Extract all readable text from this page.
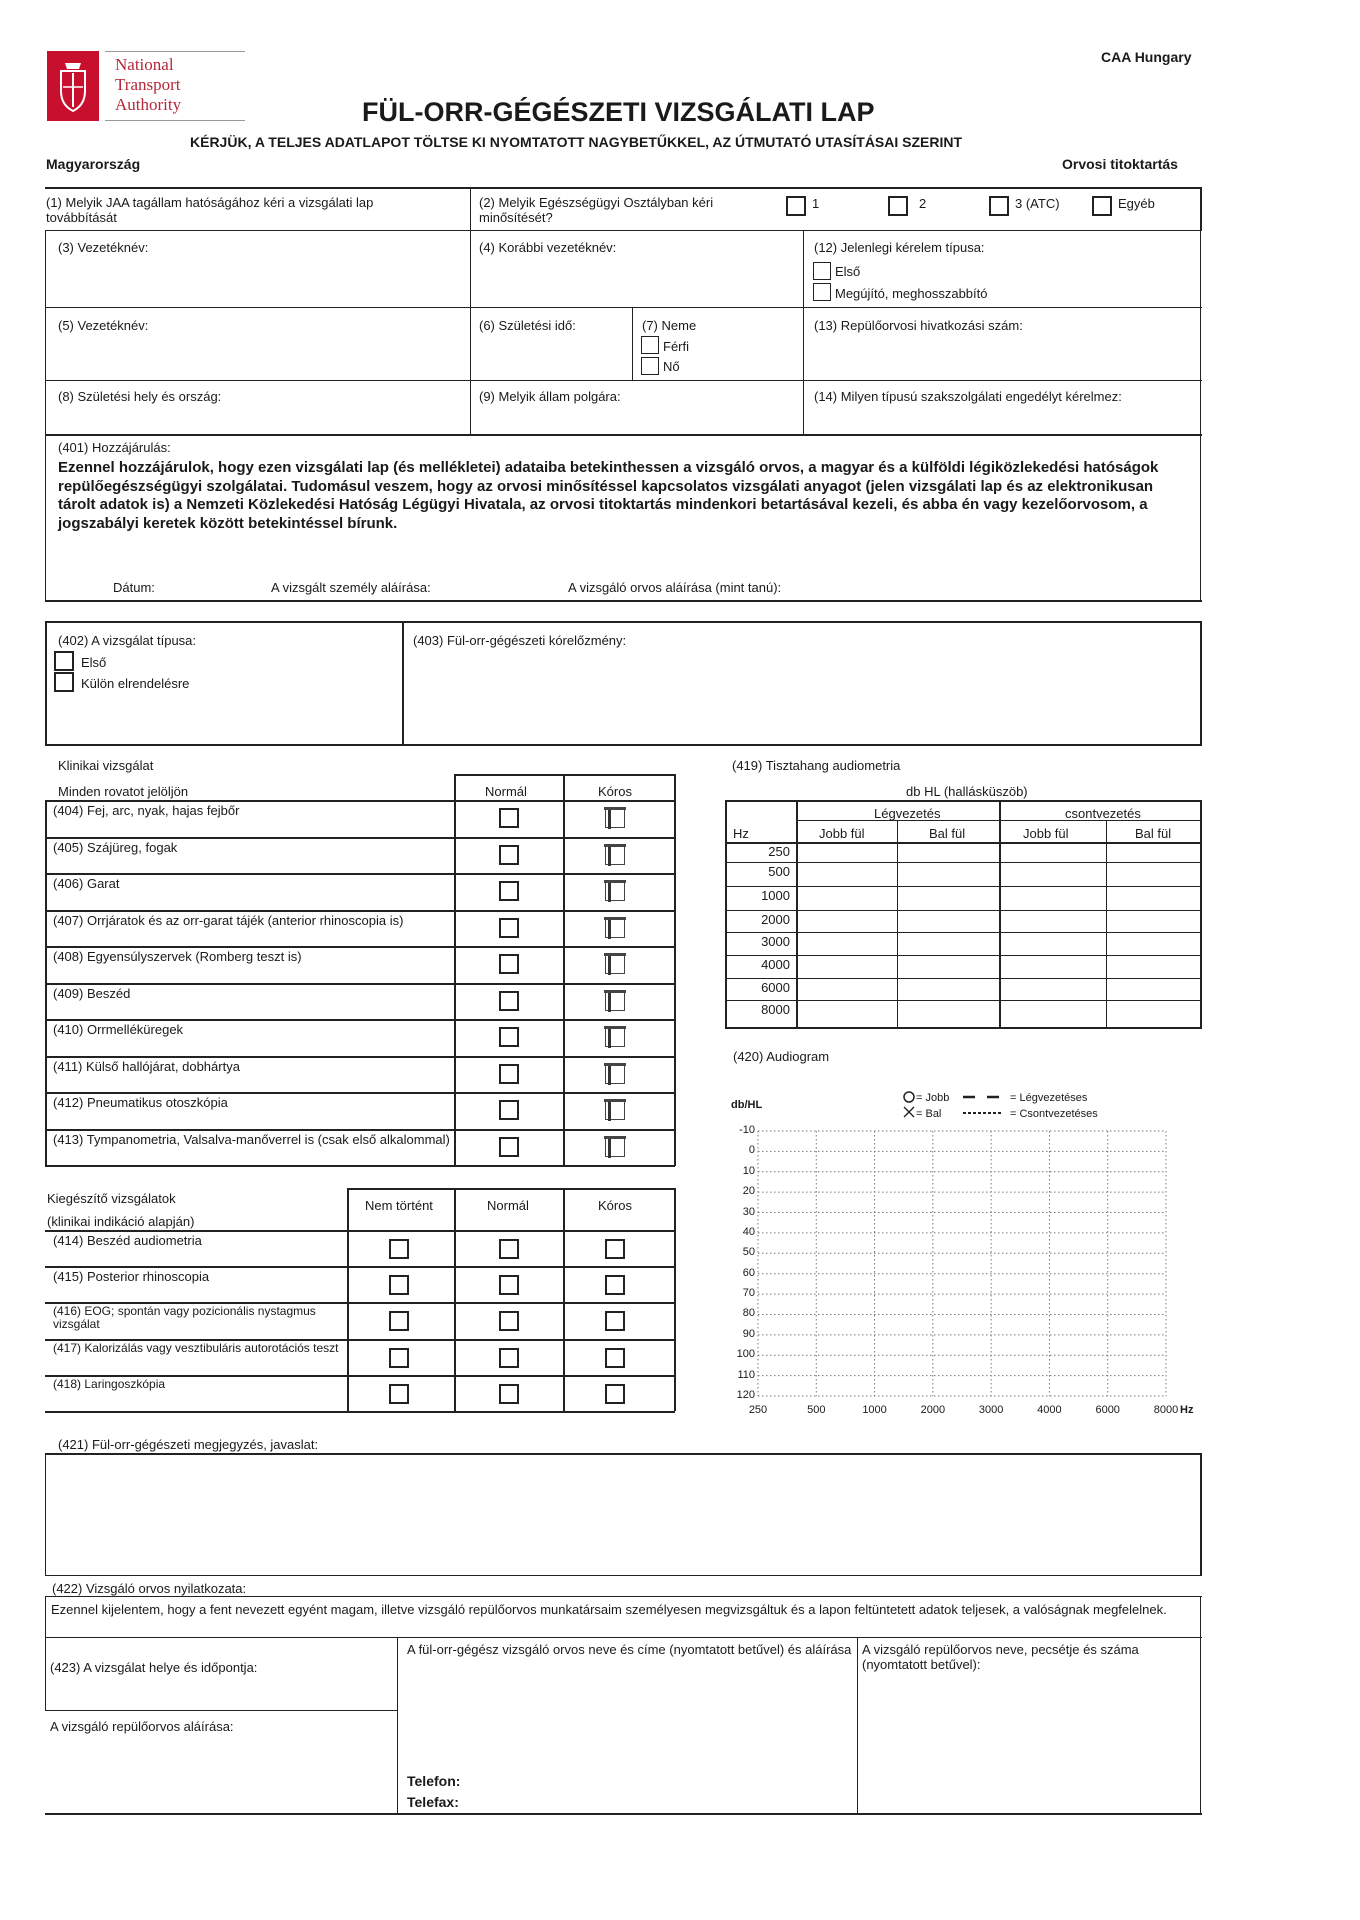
National
Transport
Authority
CAA Hungary
FÜL-ORR-GÉGÉSZETI VIZSGÁLATI LAP
KÉRJÜK, A TELJES ADATLAPOT TÖLTSE KI NYOMTATOTT NAGYBETŰKKEL, AZ ÚTMUTATÓ UTASÍTÁSAI SZERINT
Magyarország	Orvosi titoktartás
(1) Melyik JAA tagállam hatóságához kéri a vizsgálati lap továbbítását
(2) Melyik Egészségügyi Osztályban kéri minősítését?
1	2	3 (ATC)	Egyéb
(3) Vezetéknév:	(4) Korábbi vezetéknév:	(12) Jelenlegi kérelem típusa:
Első
Megújító, meghosszabbító
(5) Vezetéknév:	(6) Születési idő:	(7) Neme
Férfi
Nő
(13) Repülőorvosi hivatkozási szám:
(8) Születési hely és ország:	(9) Melyik állam polgára:	(14) Milyen típusú szakszolgálati engedélyt kérelmez:
(401) Hozzájárulás:
Ezennel hozzájárulok, hogy ezen vizsgálati lap (és mellékletei) adataiba betekinthessen a vizsgáló orvos, a magyar és a külföldi légiközlekedési hatóságok repülőegészségügyi szolgálatai. Tudomásul veszem, hogy az orvosi minősítéssel kapcsolatos vizsgálati anyagot (jelen vizsgálati lap és az elektronikusan tárolt adatok is) a Nemzeti Közlekedési Hatóság Légügyi Hivatala, az orvosi titoktartás mindenkori betartásával kezeli, és abba én vagy kezelőorvosom, a jogszabályi keretek között betekintéssel bírunk.
Dátum:	A vizsgált személy aláírása:	A vizsgáló orvos aláírása (mint tanú):
(402) A vizsgálat típusa:
Első
Külön elrendelésre
(403) Fül-orr-gégészeti kórelőzmény:
Klinikai vizsgálat
Minden rovatot jelöljön	Normál	Kóros
(404) Fej, arc, nyak, hajas fejbőr
(405) Szájüreg, fogak
(406) Garat
(407) Orrjáratok és az orr-garat tájék (anterior rhinoscopia is)
(408) Egyensúlyszervek (Romberg teszt is)
(409) Beszéd
(410) Orrmelléküregek
(411) Külső hallójárat, dobhártya
(412) Pneumatikus otoszkópia
(413) Tympanometria, Valsalva-manőverrel is (csak első alkalommal)
Kiegészítő vizsgálatok
(klinikai indikáció alapján)
Nem történt	Normál	Kóros
(414) Beszéd audiometria
(415) Posterior rhinoscopia
(416) EOG; spontán vagy pozicionális nystagmus vizsgálat
(417) Kalorizálás vagy vesztibuláris autorotációs teszt
(418) Laringoszkópia
(419) Tisztahang audiometria
db HL (hallásküszöb)
Légvezetés	csontvezetés
Hz	Jobb fül	Bal fül	Jobb fül	Bal fül
250
500
1000
2000
3000
4000
6000
8000
(420) Audiogram
db/HL
= Jobb
= Bal
= Légvezetéses
= Csontvezetéses
-10
0
10
20
30
40
50
60
70
80
90
100
110
120
250	500	1000	2000	3000	4000	6000	8000 Hz
(421) Fül-orr-gégészeti megjegyzés, javaslat:
(422) Vizsgáló orvos nyilatkozata:
Ezennel kijelentem, hogy a fent nevezett egyént magam, illetve vizsgáló repülőorvos munkatársaim személyesen megvizsgáltuk és a lapon feltüntetett adatok teljesek, a valóságnak megfelelnek.
(423) A vizsgálat helye és időpontja:
A fül-orr-gégész vizsgáló orvos neve és címe (nyomtatott betűvel) és aláírása A vizsgáló repülőorvos neve, pecsétje és száma (nyomtatott betűvel):
A vizsgáló repülőorvos aláírása:
Telefon:
Telefax:
